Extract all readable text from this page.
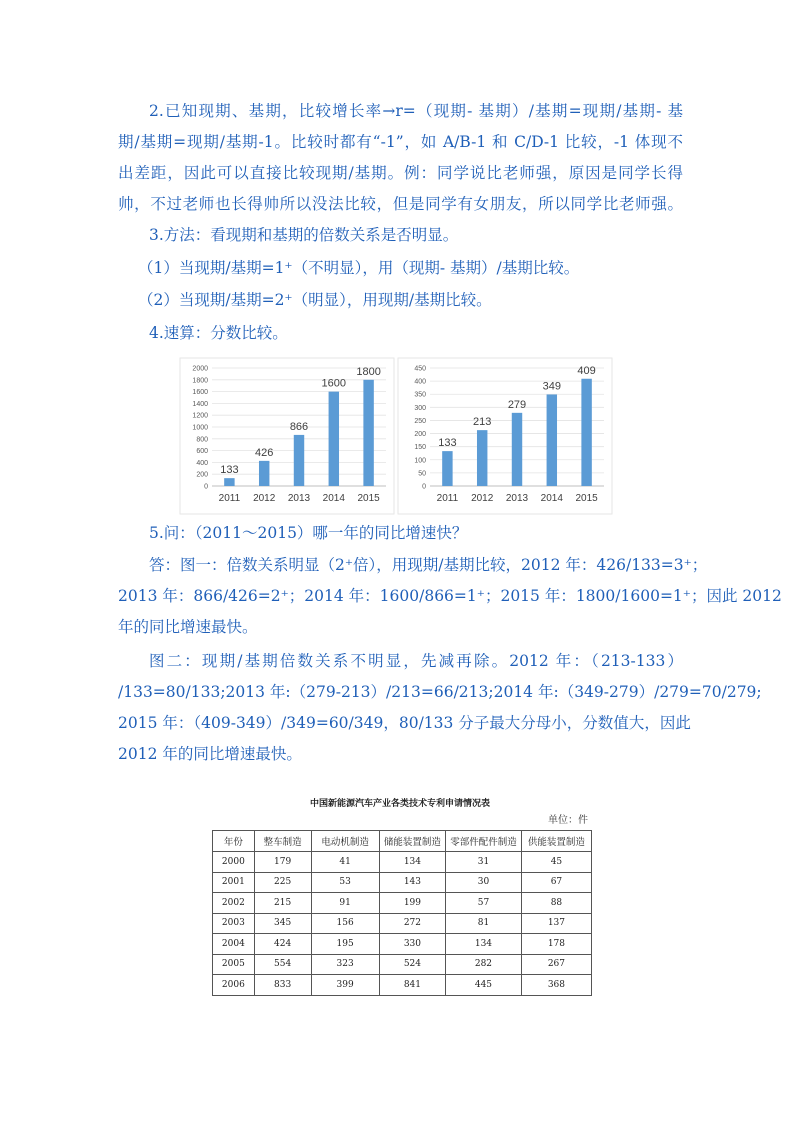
2.已知现期、基期，比较增长率→r=（现期- 基期）/基期=现期/基期- 基
期/基期=现期/基期-1。比较时都有“-1”，如 A/B-1 和 C/D-1 比较，-1 体现不
出差距，因此可以直接比较现期/基期。例：同学说比老师强，原因是同学长得
帅，不过老师也长得帅所以没法比较，但是同学有女朋友，所以同学比老师强。
3.方法：看现期和基期的倍数关系是否明显。
（1）当现期/基期=1⁺（不明显），用（现期- 基期）/基期比较。
（2）当现期/基期=2⁺（明显），用现期/基期比较。
4.速算：分数比较。
0
200
400
600
800
1000
1200
1400
1600
1800
2000
133
2011
426
2012
866
2013
1600
2014
1800
2015
0
50
100
150
200
250
300
350
400
450
133
2011
213
2012
279
2013
349
2014
409
2015
5.问：（2011～2015）哪一年的同比增速快？
答：图一：倍数关系明显（2⁺倍），用现期/基期比较，2012 年：426/133=3⁺；
2013 年：866/426=2⁺；2014 年：1600/866=1⁺；2015 年：1800/1600=1⁺；因此 2012
年的同比增速最快。
图二：现期/基期倍数关系不明显，先减再除。2012 年：（213-133）
/133=80/133;2013 年:（279-213）/213=66/213;2014 年:（349-279）/279=70/279;
2015 年：（409-349）/349=60/349，80/133 分子最大分母小，分数值大，因此
2012 年的同比增速最快。
中国新能源汽车产业各类技术专利申请情况表
单位：件
年份	整车制造	电动机制造	储能装置制造	零部件配件制造	供能装置制造
2000	179	41	134	31	45
2001	225	53	143	30	67
2002	215	91	199	57	88
2003	345	156	272	81	137
2004	424	195	330	134	178
2005	554	323	524	282	267
2006	833	399	841	445	368
